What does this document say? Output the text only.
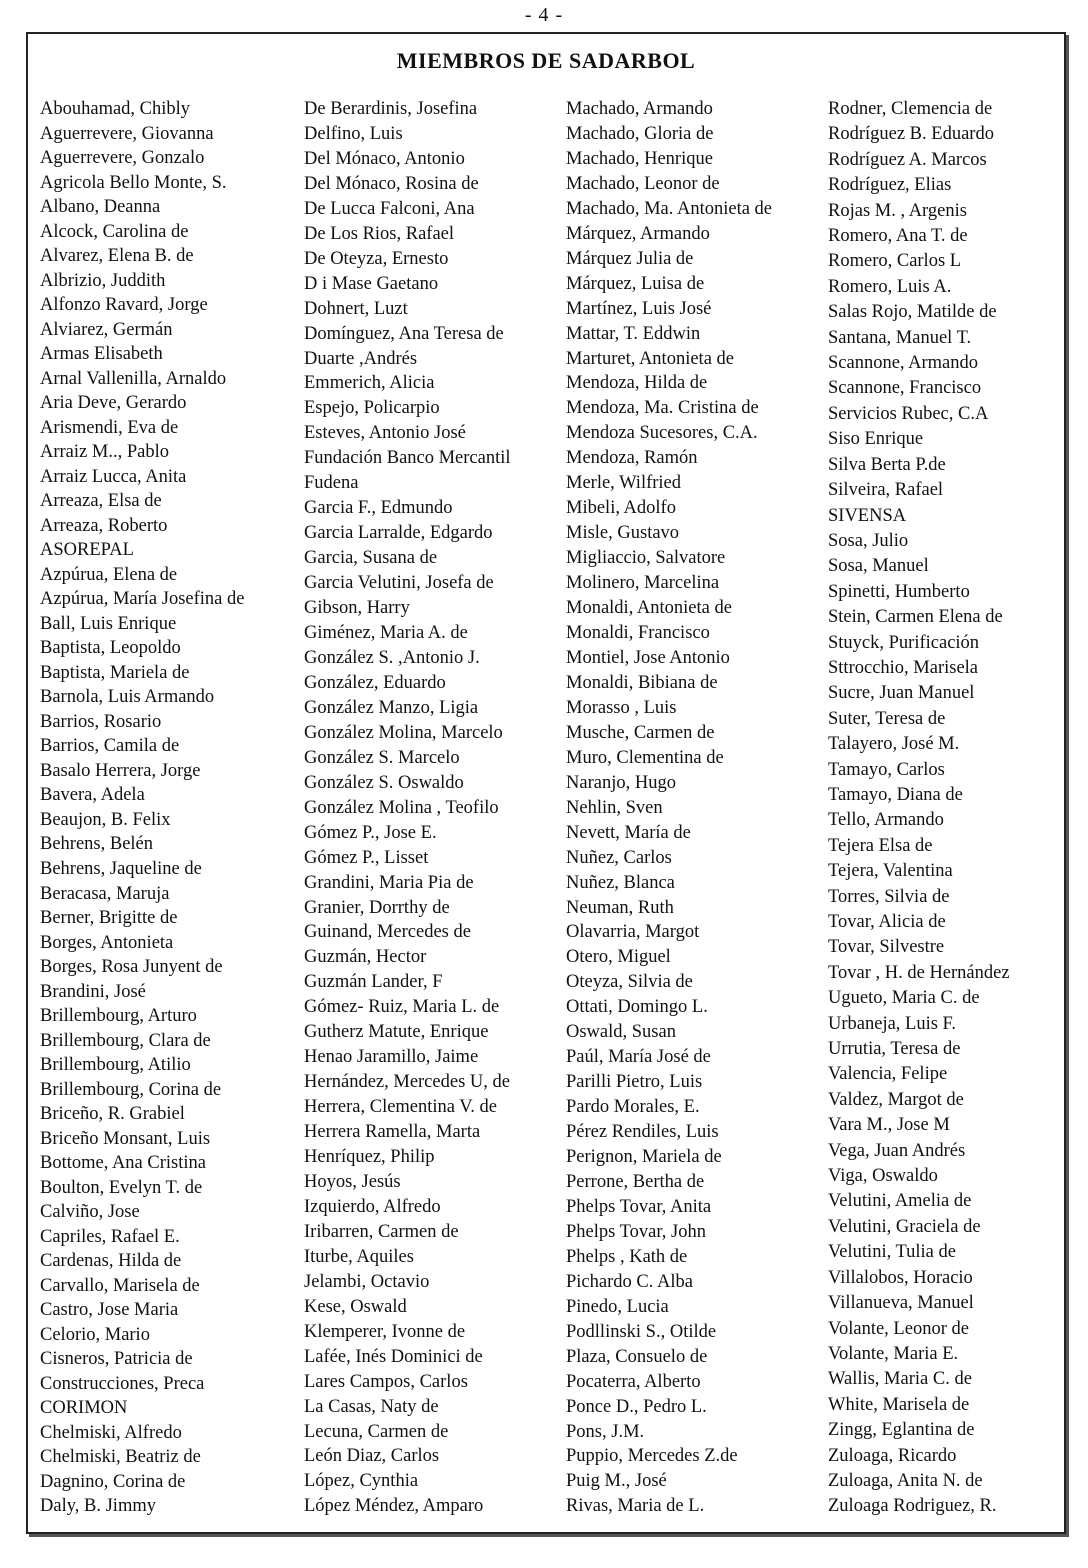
- 4 -
MIEMBROS DE SADARBOL
Abouhamad, Chibly
Aguerrevere, Giovanna
Aguerrevere, Gonzalo
Agricola Bello Monte, S.
Albano, Deanna
Alcock, Carolina de
Alvarez, Elena B. de
Albrizio, Juddith
Alfonzo Ravard, Jorge
Alviarez, Germán
Armas Elisabeth
Arnal Vallenilla, Arnaldo
Aria Deve, Gerardo
Arismendi, Eva de
Arraiz M.., Pablo
Arraiz Lucca, Anita
Arreaza, Elsa de
Arreaza, Roberto
ASOREPAL
Azpúrua, Elena de
Azpúrua, María Josefina de
Ball, Luis Enrique
Baptista, Leopoldo
Baptista, Mariela de
Barnola, Luis Armando
Barrios, Rosario
Barrios, Camila de
Basalo Herrera, Jorge
Bavera, Adela
Beaujon, B. Felix
Behrens, Belén
Behrens, Jaqueline de
Beracasa, Maruja
Berner, Brigitte de
Borges, Antonieta
Borges, Rosa Junyent de
Brandini, José
Brillembourg, Arturo
Brillembourg, Clara de
Brillembourg, Atilio
Brillembourg, Corina de
Briceño, R. Grabiel
Briceño Monsant, Luis
Bottome, Ana Cristina
Boulton, Evelyn T. de
Calviño, Jose
Capriles, Rafael E.
Cardenas, Hilda de
Carvallo, Marisela de
Castro, Jose Maria
Celorio, Mario
Cisneros, Patricia de
Construcciones, Preca
CORIMON
Chelmiski, Alfredo
Chelmiski, Beatriz de
Dagnino, Corina de
Daly, B. Jimmy
De Berardinis, Josefina
Delfino, Luis
Del Mónaco, Antonio
Del Mónaco, Rosina de
De Lucca Falconi, Ana
De Los Rios, Rafael
De Oteyza, Ernesto
D i Mase Gaetano
Dohnert, Luzt
Domínguez, Ana Teresa de
Duarte ,Andrés
Emmerich, Alicia
Espejo, Policarpio
Esteves, Antonio José
Fundación Banco Mercantil
Fudena
Garcia F., Edmundo
Garcia Larralde, Edgardo
Garcia, Susana de
Garcia Velutini, Josefa de
Gibson, Harry
Giménez, Maria A. de
González S. ,Antonio J.
González, Eduardo
González Manzo, Ligia
González Molina, Marcelo
González S. Marcelo
González S. Oswaldo
González Molina , Teofilo
Gómez P., Jose E.
Gómez P., Lisset
Grandini, Maria Pia de
Granier, Dorrthy de
Guinand, Mercedes de
Guzmán, Hector
Guzmán Lander, F
Gómez- Ruiz, Maria L. de
Gutherz Matute, Enrique
Henao Jaramillo, Jaime
Hernández, Mercedes U, de
Herrera, Clementina V. de
Herrera Ramella, Marta
Henríquez, Philip
Hoyos, Jesús
Izquierdo, Alfredo
Iribarren, Carmen de
Iturbe, Aquiles
Jelambi, Octavio
Kese, Oswald
Klemperer, Ivonne de
Lafée, Inés Dominici de
Lares Campos, Carlos
La Casas, Naty de
Lecuna, Carmen de
León Diaz, Carlos
López, Cynthia
López Méndez, Amparo
Machado, Armando
Machado, Gloria de
Machado, Henrique
Machado, Leonor de
Machado, Ma. Antonieta de
Márquez, Armando
Márquez Julia de
Márquez, Luisa de
Martínez, Luis José
Mattar, T. Eddwin
Marturet, Antonieta de
Mendoza, Hilda de
Mendoza, Ma. Cristina de
Mendoza Sucesores, C.A.
Mendoza, Ramón
Merle, Wilfried
Mibeli, Adolfo
Misle, Gustavo
Migliaccio, Salvatore
Molinero, Marcelina
Monaldi, Antonieta de
Monaldi, Francisco
Montiel, Jose Antonio
Monaldi, Bibiana de
Morasso , Luis
Musche, Carmen de
Muro, Clementina de
Naranjo, Hugo
Nehlin, Sven
Nevett, María de
Nuñez, Carlos
Nuñez, Blanca
Neuman, Ruth
Olavarria, Margot
Otero, Miguel
Oteyza, Silvia de
Ottati, Domingo L.
Oswald, Susan
Paúl, María José de
Parilli Pietro, Luis
Pardo Morales, E.
Pérez Rendiles, Luis
Perignon, Mariela de
Perrone, Bertha de
Phelps Tovar, Anita
Phelps Tovar, John
Phelps , Kath de
Pichardo C. Alba
Pinedo, Lucia
Podllinski S., Otilde
Plaza, Consuelo de
Pocaterra, Alberto
Ponce D., Pedro L.
Pons, J.M.
Puppio, Mercedes Z.de
Puig M., José
Rivas, Maria de L.
Rodner, Clemencia de
Rodríguez B. Eduardo
Rodríguez A. Marcos
Rodríguez, Elias
Rojas M. , Argenis
Romero, Ana T. de
Romero, Carlos L
Romero, Luis A.
Salas Rojo, Matilde de
Santana, Manuel T.
Scannone, Armando
Scannone, Francisco
Servicios Rubec, C.A
Siso Enrique
Silva Berta P.de
Silveira, Rafael
SIVENSA
Sosa, Julio
Sosa, Manuel
Spinetti, Humberto
Stein, Carmen Elena de
Stuyck, Purificación
Sttrocchio, Marisela
Sucre, Juan Manuel
Suter, Teresa de
Talayero, José M.
Tamayo, Carlos
Tamayo, Diana de
Tello, Armando
Tejera Elsa de
Tejera, Valentina
Torres, Silvia de
Tovar, Alicia de
Tovar, Silvestre
Tovar , H. de Hernández
Ugueto, Maria C. de
Urbaneja, Luis F.
Urrutia, Teresa de
Valencia, Felipe
Valdez, Margot de
Vara M., Jose M
Vega, Juan Andrés
Viga, Oswaldo
Velutini, Amelia de
Velutini, Graciela de
Velutini, Tulia de
Villalobos, Horacio
Villanueva, Manuel
Volante, Leonor de
Volante, Maria E.
Wallis, Maria C. de
White, Marisela de
Zingg, Eglantina de
Zuloaga, Ricardo
Zuloaga, Anita N. de
Zuloaga Rodriguez, R.
